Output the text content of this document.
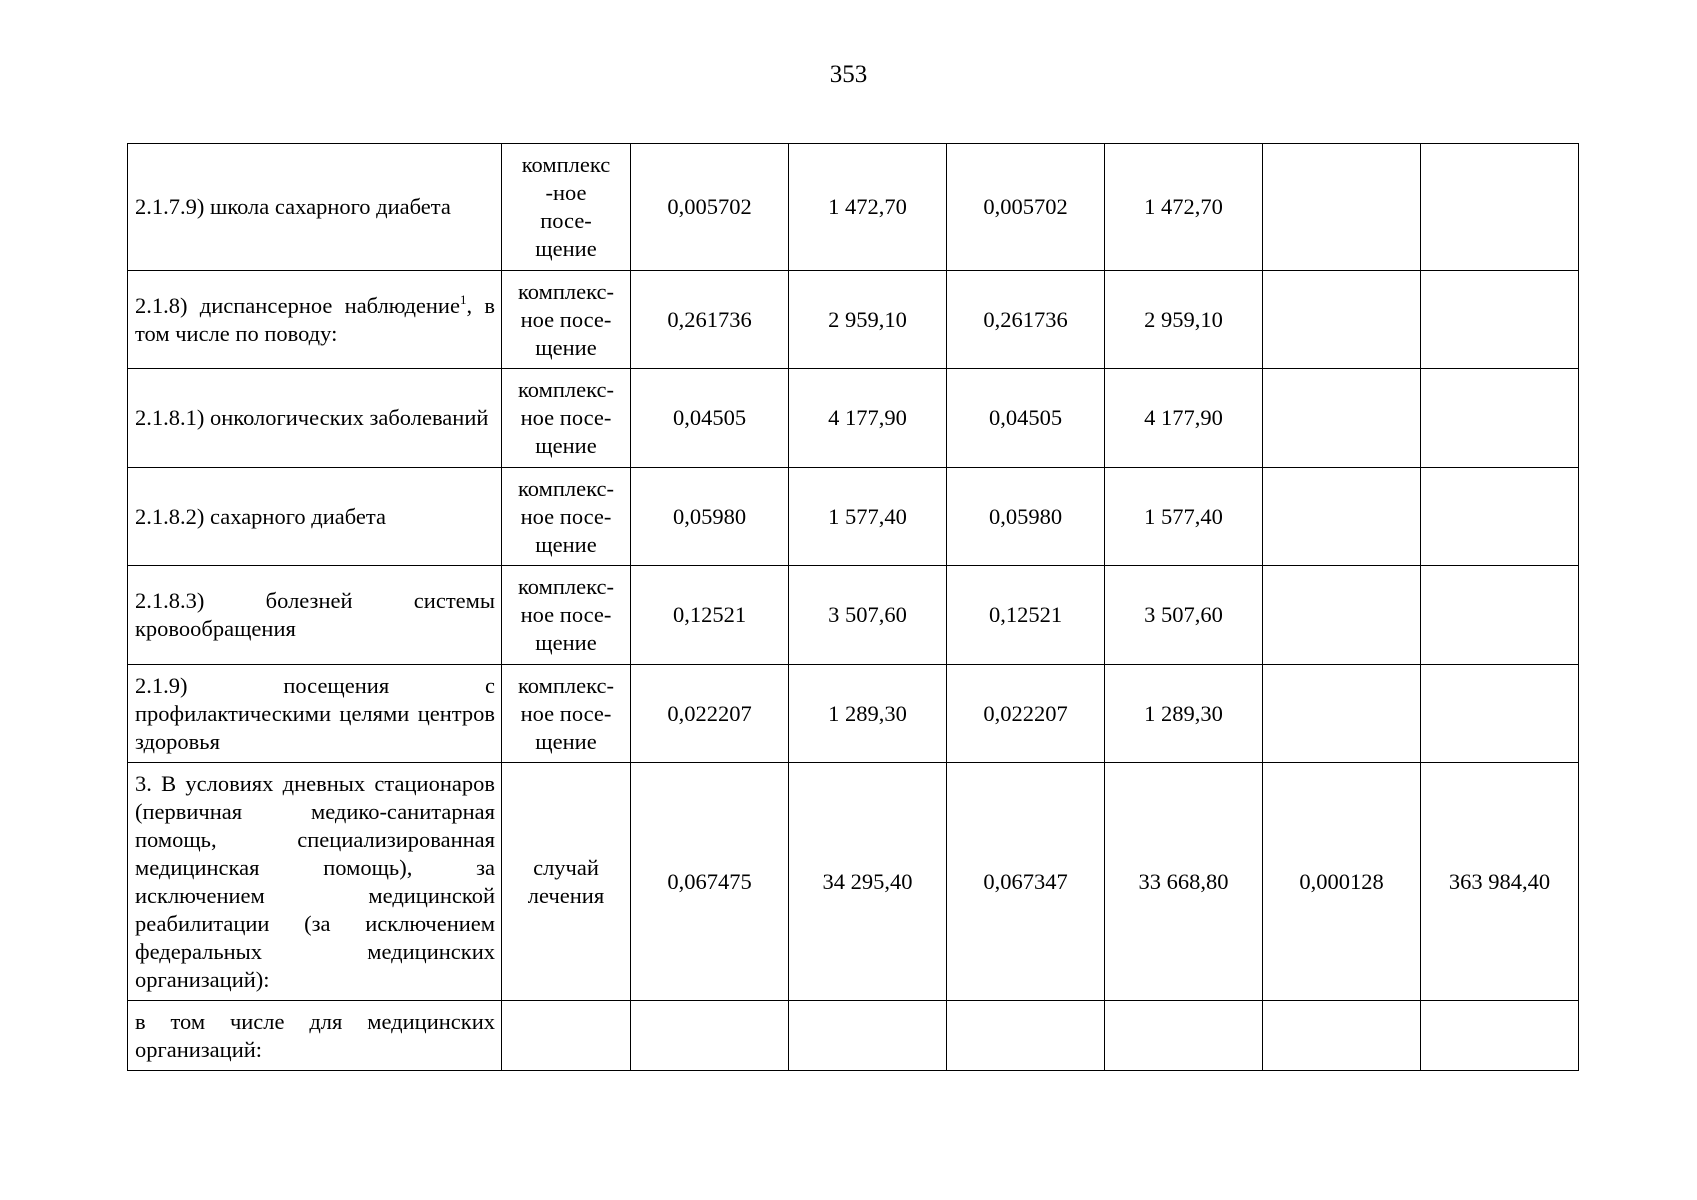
353
2.1.7.9) школа сахарного диабета	комплекс-ное посе-щение	0,005702	1 472,70	0,005702	1 472,70		
2.1.8) диспансерное наблюдение$^1$, в том числе по поводу:	комплекс-ное посе-щение	0,261736	2 959,10	0,261736	2 959,10		
2.1.8.1) онкологических заболеваний	комплекс-ное посе-щение	0,04505	4 177,90	0,04505	4 177,90		
2.1.8.2) сахарного диабета	комплекс-ное посе-щение	0,05980	1 577,40	0,05980	1 577,40		
2.1.8.3) болезней системы кровообращения	комплекс-ное посе-щение	0,12521	3 507,60	0,12521	3 507,60		
2.1.9) посещения с профилактическими целями центров здоровья	комплекс-ное посе-щение	0,022207	1 289,30	0,022207	1 289,30		
3. В условиях дневных стационаров (первичная медико-санитарная помощь, специализированная медицинская помощь), за исключением медицинской реабилитации (за исключением федеральных медицинских организаций):	случай лечения	0,067475	34 295,40	0,067347	33 668,80	0,000128	363 984,40
в том числе для медицинских организаций:							
